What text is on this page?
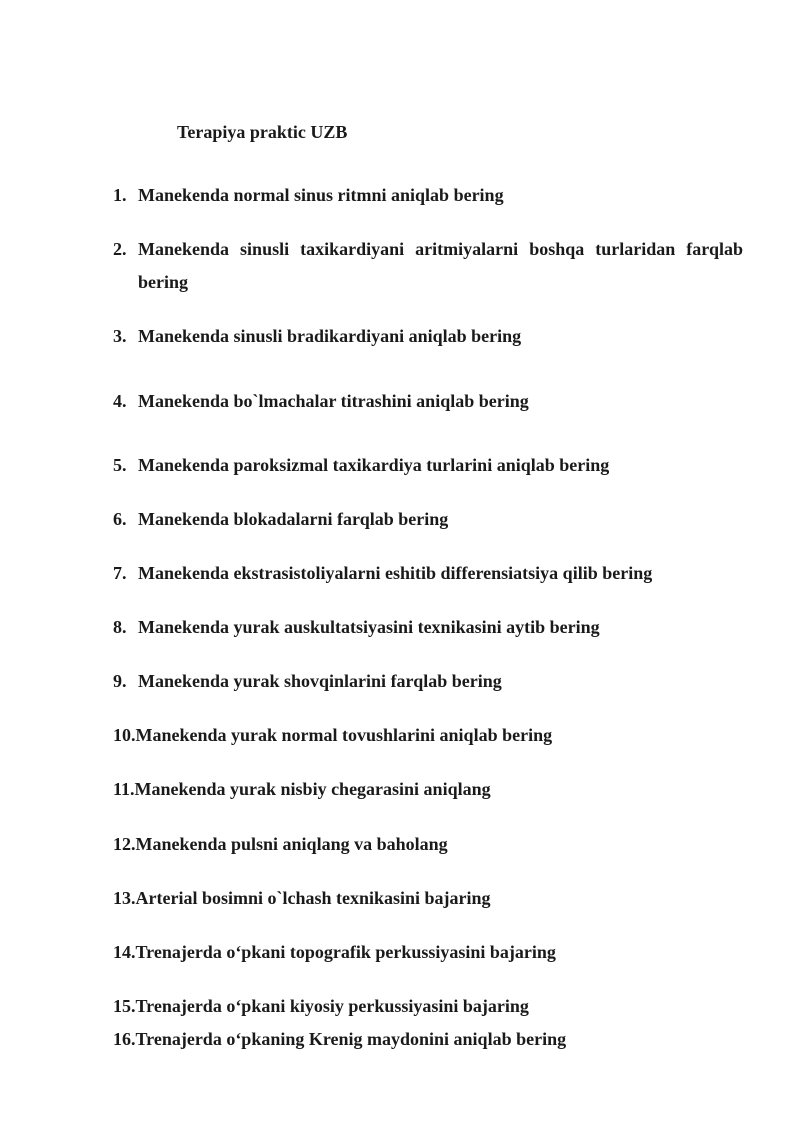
Terapiya praktic UZB
1. Manekenda normal sinus ritmni aniqlab bering
2. Manekenda sinusli taxikardiyani aritmiyalarni boshqa turlaridan farqlab bering
3. Manekenda sinusli bradikardiyani aniqlab bering
4. Manekenda bo`lmachalar titrashini aniqlab bering
5. Manekenda paroksizmal taxikardiya turlarini aniqlab bering
6. Manekenda blokadalarni farqlab bering
7. Manekenda ekstrasistoliyalarni eshitib differensiatsiya qilib bering
8. Manekenda yurak auskultatsiyasini texnikasini aytib bering
9. Manekenda yurak shovqinlarini farqlab bering
10.Manekenda yurak normal tovushlarini aniqlab bering
11.Manekenda yurak nisbiy chegarasini aniqlang
12.Manekenda pulsni aniqlang va baholang
13.Arterial bosimni o`lchash texnikasini bajaring
14.Trenajerda o‘pkani topografik perkussiyasini bajaring
15.Trenajerda o‘pkani kiyosiy perkussiyasini bajaring
16.Trenajerda o‘pkaning Krenig maydonini aniqlab bering
